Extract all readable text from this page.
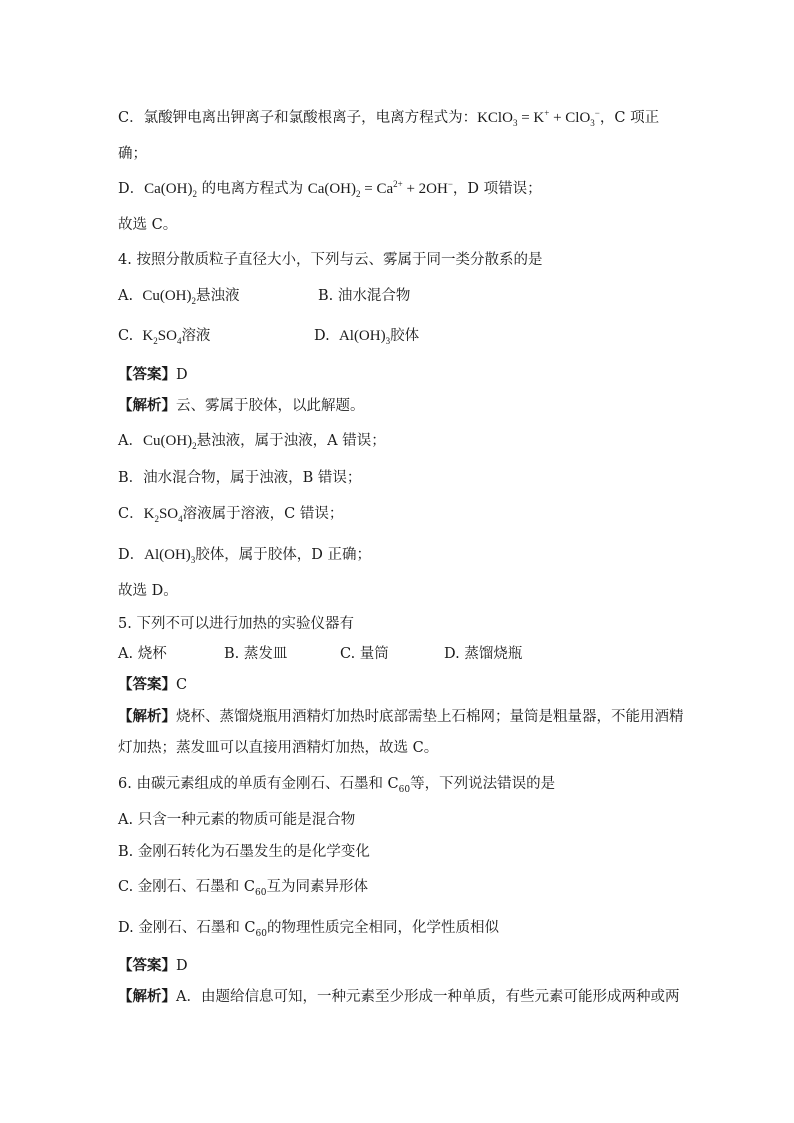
C．氯酸钾电离出钾离子和氯酸根离子，电离方程式为：KClO$_3$ = K+ + ClO$_3$−，C 项正
确；
D．$Ca(OH)_2$ 的电离方程式为 $Ca(OH)_2 = Ca^{2+} + 2OH^-$，D 项错误；
故选 C。
4. 按照分散质粒子直径大小，下列与云、雾属于同一类分散系的是
A. $Cu(OH)_2$悬浊液	B. 油水混合物
C. $K_2SO_4$溶液	D. $Al(OH)_3$胶体
【答案】D
【解析】云、雾属于胶体，以此解题。
A．$Cu(OH)_2$悬浊液，属于浊液，A 错误；
B．油水混合物，属于浊液，B 错误；
C．$K_2SO_4$溶液属于溶液，C 错误；
D．$Al(OH)_3$胶体，属于胶体，D 正确；
故选 D。
5. 下列不可以进行加热的实验仪器有
A. 烧杯	B. 蒸发皿	C. 量筒	D. 蒸馏烧瓶
【答案】C
【解析】烧杯、蒸馏烧瓶用酒精灯加热时底部需垫上石棉网；量筒是粗量器，不能用酒精
灯加热；蒸发皿可以直接用酒精灯加热，故选 C。
6. 由碳元素组成的单质有金刚石、石墨和 $C_{60}$等，下列说法错误的是
A. 只含一种元素的物质可能是混合物
B. 金刚石转化为石墨发生的是化学变化
C. 金刚石、石墨和 $C_{60}$互为同素异形体
D. 金刚石、石墨和 $C_{60}$的物理性质完全相同，化学性质相似
【答案】D
【解析】A．由题给信息可知，一种元素至少形成一种单质，有些元素可能形成两种或两
